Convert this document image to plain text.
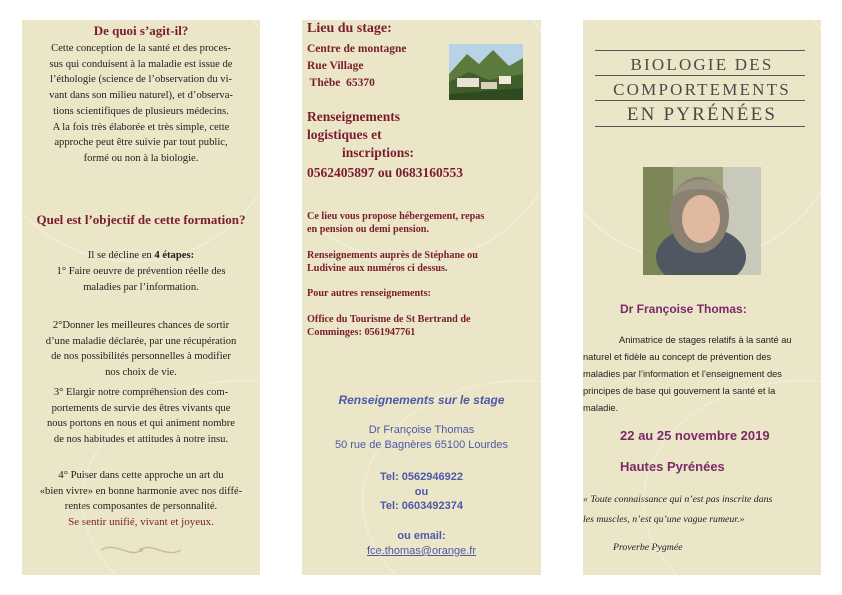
De quoi s’agit-il?
Cette conception de la santé et des proces-
sus qui conduisent à la maladie est issue de
l’éthologie (science de l’observation du vi-
vant dans son milieu naturel), et d’observa-
tions scientifiques de plusieurs médecins.
A la fois très élaborée et très simple, cette
approche peut être suivie par tout public,
formé ou non à la biologie.
Quel est l’objectif de cette formation?
Il se décline en 4 étapes:
1° Faire oeuvre de prévention réelle des
maladies par l’information.
2°Donner les meilleures chances de sortir
d’une maladie déclarée, par une récupération
de nos possibilités personnelles à modifier
nos choix de vie.
3° Elargir notre compréhension des com-
portements de survie des êtres vivants que
nous portons en nous et qui animent nombre
de nos habitudes et attitudes à notre insu.
4° Puiser dans cette approche un art du
«bien vivre» en bonne harmonie avec nos diffé-
rentes composantes de personnalité.
Se sentir unifié, vivant et joyeux.
Lieu du stage:
Centre de montagne
Rue Village
Thèbe  65370
Renseignements
logistiques et
inscriptions:
0562405897 ou 0683160553
Ce lieu vous propose hébergement, repas
en pension ou demi pension.
Renseignements auprès de Stéphane ou
Ludivine aux numéros ci dessus.
Pour autres renseignements:
Office du Tourisme de St Bertrand de
Comminges: 0561947761
Renseignements sur le stage
Dr Françoise Thomas
50 rue de Bagnères 65100 Lourdes
Tel: 0562946922
ou
Tel: 0603492374
ou email:
fce.thomas@orange.fr
BIOLOGIE DES
COMPORTEMENTS
EN PYRÉNÉES
Dr Françoise Thomas:
Animatrice de stages relatifs à la santé au
naturel et fidèle au concept de prévention des
maladies par l’information et l’enseignement des
principes de base qui gouvernent la santé et la
maladie.
22 au 25 novembre 2019
Hautes Pyrénées
« Toute connaissance qui n’est pas inscrite dans
les muscles, n’est qu’une vague rumeur.»
Proverbe Pygmée
